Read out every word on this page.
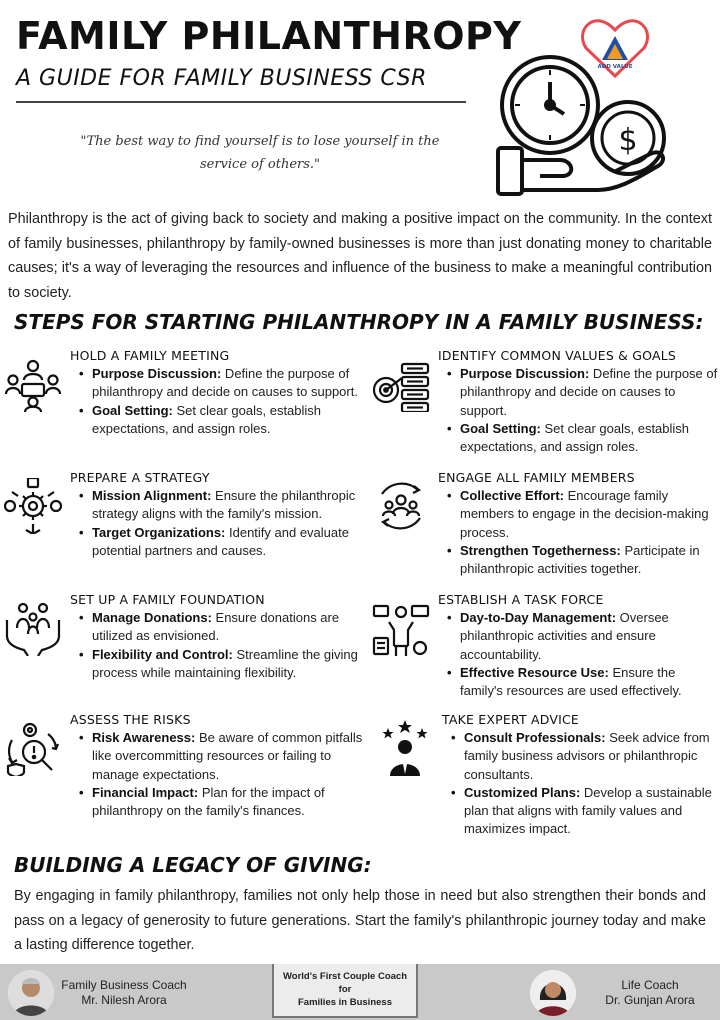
FAMILY PHILANTHROPY
A GUIDE FOR FAMILY BUSINESS CSR
"The best way to find yourself is to lose yourself in the service of others."
ADD VALUE
$
Philanthropy is the act of giving back to society and making a positive impact on the community. In the context of family businesses, philanthropy by family-owned businesses is more than just donating money to charitable causes; it's a way of leveraging the resources and influence of the business to make a meaningful contribution to society.
STEPS FOR STARTING PHILANTHROPY IN A FAMILY BUSINESS:
HOLD A FAMILY MEETING
• Purpose Discussion: Define the purpose of philanthropy and decide on causes to support.
• Goal Setting: Set clear goals, establish expectations, and assign roles.
IDENTIFY COMMON VALUES & GOALS
• Purpose Discussion: Define the purpose of philanthropy and decide on causes to support.
• Goal Setting: Set clear goals, establish expectations, and assign roles.
PREPARE A STRATEGY
• Mission Alignment: Ensure the philanthropic strategy aligns with the family's mission.
• Target Organizations: Identify and evaluate potential partners and causes.
ENGAGE ALL FAMILY MEMBERS
• Collective Effort: Encourage family members to engage in the decision-making process.
• Strengthen Togetherness: Participate in philanthropic activities together.
SET UP A FAMILY FOUNDATION
• Manage Donations: Ensure donations are utilized as envisioned.
• Flexibility and Control: Streamline the giving process while maintaining flexibility.
ESTABLISH A TASK FORCE
• Day-to-Day Management: Oversee philanthropic activities and ensure accountability.
• Effective Resource Use: Ensure the family's resources are used effectively.
ASSESS THE RISKS
• Risk Awareness: Be aware of common pitfalls like overcommitting resources or failing to manage expectations.
• Financial Impact: Plan for the impact of philanthropy on the family's finances.
TAKE EXPERT ADVICE
• Consult Professionals: Seek advice from family business advisors or philanthropic consultants.
• Customized Plans: Develop a sustainable plan that aligns with family values and maximizes impact.
BUILDING A LEGACY OF GIVING:
By engaging in family philanthropy, families not only help those in need but also strengthen their bonds and pass on a legacy of generosity to future generations. Start the family's philanthropic journey today and make a lasting difference together.
Family Business Coach
Mr. Nilesh Arora
World's First Couple Coach
for
Families in Business
Life Coach
Dr. Gunjan Arora
